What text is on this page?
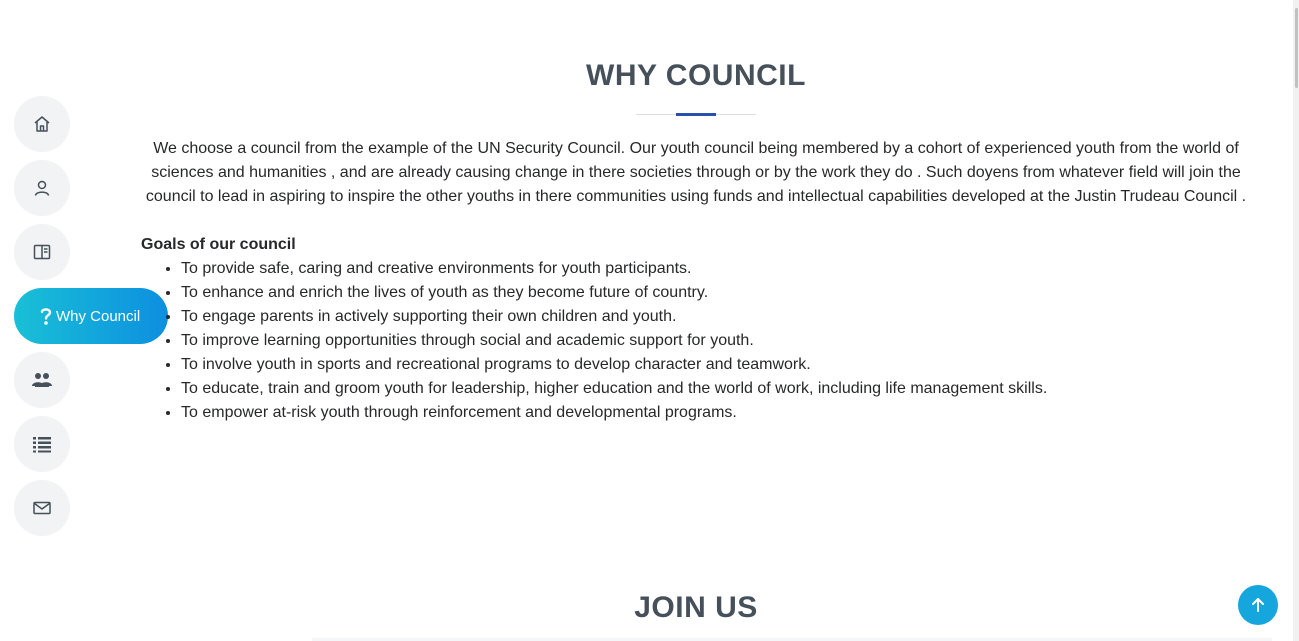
Why Council
WHY COUNCIL

We choose a council from the example of the UN Security Council. Our youth council being membered by a cohort of experienced youth from the world of sciences and humanities , and are already causing change in there societies through or by the work they do . Such doyens from whatever field will join the council to lead in aspiring to inspire the other youths in there communities using funds and intellectual capabilities developed at the Justin Trudeau Council .

Goals of our council

• To provide safe, caring and creative environments for youth participants.
• To enhance and enrich the lives of youth as they become future of country.
• To engage parents in actively supporting their own children and youth.
• To improve learning opportunities through social and academic support for youth.
• To involve youth in sports and recreational programs to develop character and teamwork.
• To educate, train and groom youth for leadership, higher education and the world of work, including life management skills.
• To empower at-risk youth through reinforcement and developmental programs.
JOIN US
